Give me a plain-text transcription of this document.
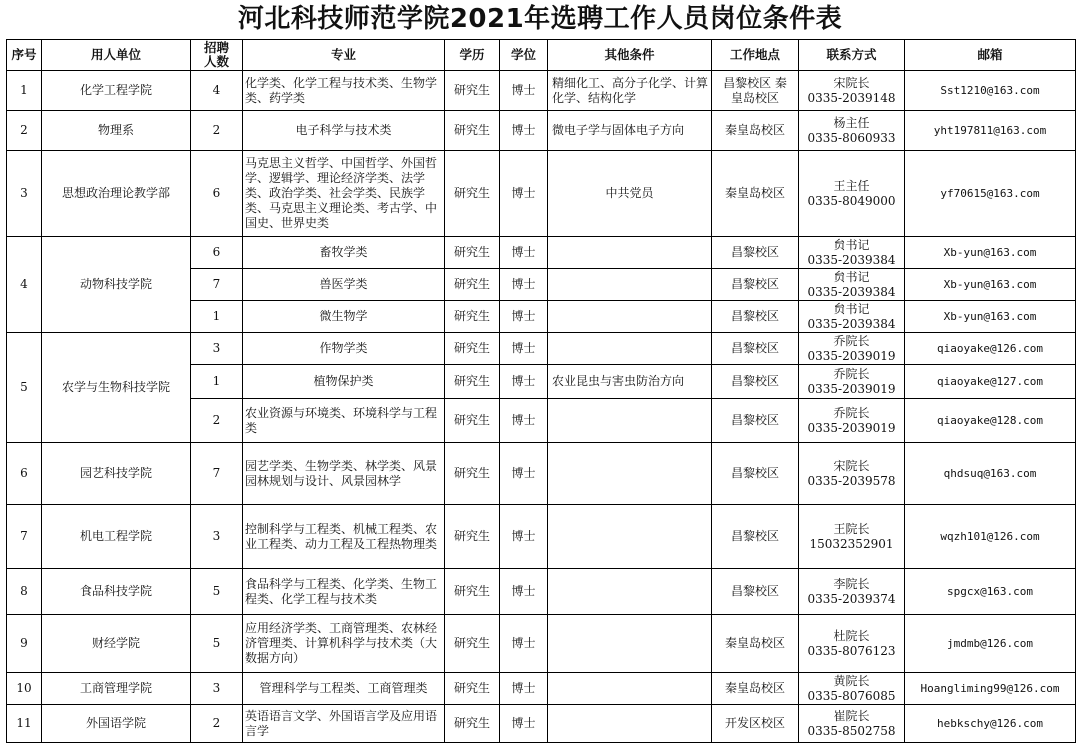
河北科技师范学院2021年选聘工作人员岗位条件表
序号	用人单位	招聘人数	专业	学历	学位	其他条件	工作地点	联系方式	邮箱
1	化学工程学院	4	化学类、化学工程与技术类、生物学类、药学类	研究生	博士	精细化工、高分子化学、计算化学、结构化学	昌黎校区 秦皇岛校区	宋院长
0335-2039148	Sst1210@163.com
2	物理系	2	电子科学与技术类	研究生	博士	微电子学与固体电子方向	秦皇岛校区	杨主任
0335-8060933	yht197811@163.com
3	思想政治理论教学部	6	马克思主义哲学、中国哲学、外国哲学、逻辑学、理论经济学类、法学类、政治学类、社会学类、民族学类、马克思主义理论类、考古学、中国史、世界史类	研究生	博士	中共党员	秦皇岛校区	王主任
0335-8049000	yf70615@163.com
4	动物科技学院	6	畜牧学类	研究生	博士		昌黎校区	贠书记
0335-2039384	Xb-yun@163.com
		7	兽医学类	研究生	博士		昌黎校区	贠书记
0335-2039384	Xb-yun@163.com
		1	微生物学	研究生	博士		昌黎校区	贠书记
0335-2039384	Xb-yun@163.com
5	农学与生物科技学院	3	作物学类	研究生	博士		昌黎校区	乔院长
0335-2039019	qiaoyake@126.com
		1	植物保护类	研究生	博士	农业昆虫与害虫防治方向	昌黎校区	乔院长
0335-2039019	qiaoyake@127.com
		2	农业资源与环境类、环境科学与工程类	研究生	博士		昌黎校区	乔院长
0335-2039019	qiaoyake@128.com
6	园艺科技学院	7	园艺学类、生物学类、林学类、风景园林规划与设计、风景园林学	研究生	博士		昌黎校区	宋院长
0335-2039578	qhdsuq@163.com
7	机电工程学院	3	控制科学与工程类、机械工程类、农业工程类、动力工程及工程热物理类	研究生	博士		昌黎校区	王院长
15032352901	wqzh101@126.com
8	食品科技学院	5	食品科学与工程类、化学类、生物工程类、化学工程与技术类	研究生	博士		昌黎校区	李院长
0335-2039374	spgcx@163.com
9	财经学院	5	应用经济学类、工商管理类、农林经济管理类、计算机科学与技术类（大数据方向）	研究生	博士		秦皇岛校区	杜院长
0335-8076123	jmdmb@126.com
10	工商管理学院	3	管理科学与工程类、工商管理类	研究生	博士		秦皇岛校区	黄院长
0335-8076085	Hoangliming99@126.com
11	外国语学院	2	英语语言文学、外国语言学及应用语言学	研究生	博士		开发区校区	崔院长
0335-8502758	hebkschy@126.com
